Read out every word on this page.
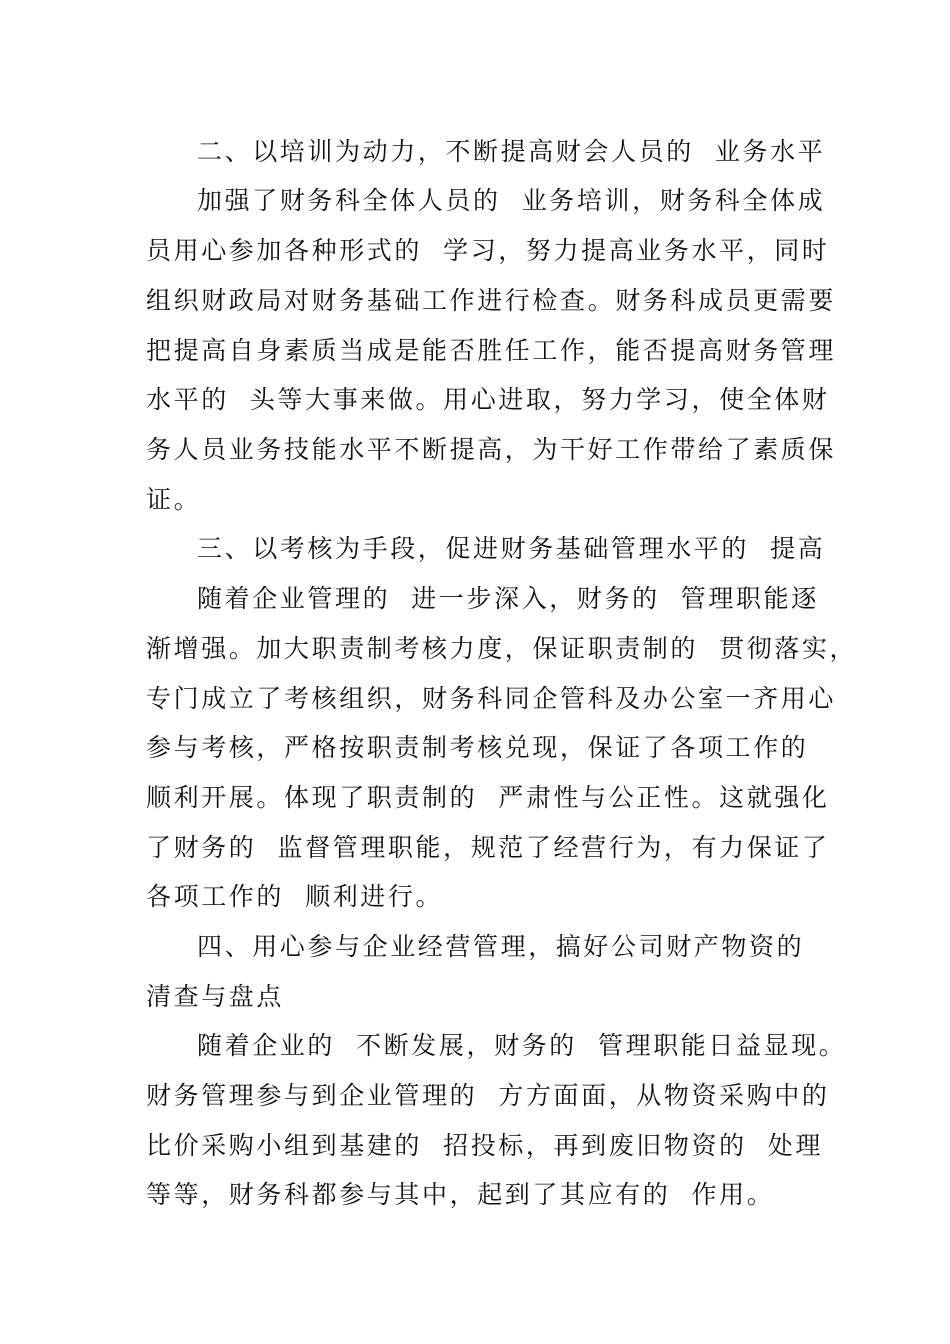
二、以培训为动力，不断提高财会人员的  业务水平
加强了财务科全体人员的  业务培训，财务科全体成
员用心参加各种形式的  学习，努力提高业务水平，同时
组织财政局对财务基础工作进行检查。财务科成员更需要
把提高自身素质当成是能否胜任工作，能否提高财务管理
水平的  头等大事来做。用心进取，努力学习，使全体财
务人员业务技能水平不断提高，为干好工作带给了素质保
证。
三、以考核为手段，促进财务基础管理水平的  提高
随着企业管理的  进一步深入，财务的  管理职能逐
渐增强。加大职责制考核力度，保证职责制的  贯彻落实，
专门成立了考核组织，财务科同企管科及办公室一齐用心
参与考核，严格按职责制考核兑现，保证了各项工作的
顺利开展。体现了职责制的  严肃性与公正性。这就强化
了财务的  监督管理职能，规范了经营行为，有力保证了
各项工作的  顺利进行。
四、用心参与企业经营管理，搞好公司财产物资的
清查与盘点
随着企业的  不断发展，财务的  管理职能日益显现。
财务管理参与到企业管理的  方方面面，从物资采购中的
比价采购小组到基建的  招投标，再到废旧物资的  处理
等等，财务科都参与其中，起到了其应有的  作用。
